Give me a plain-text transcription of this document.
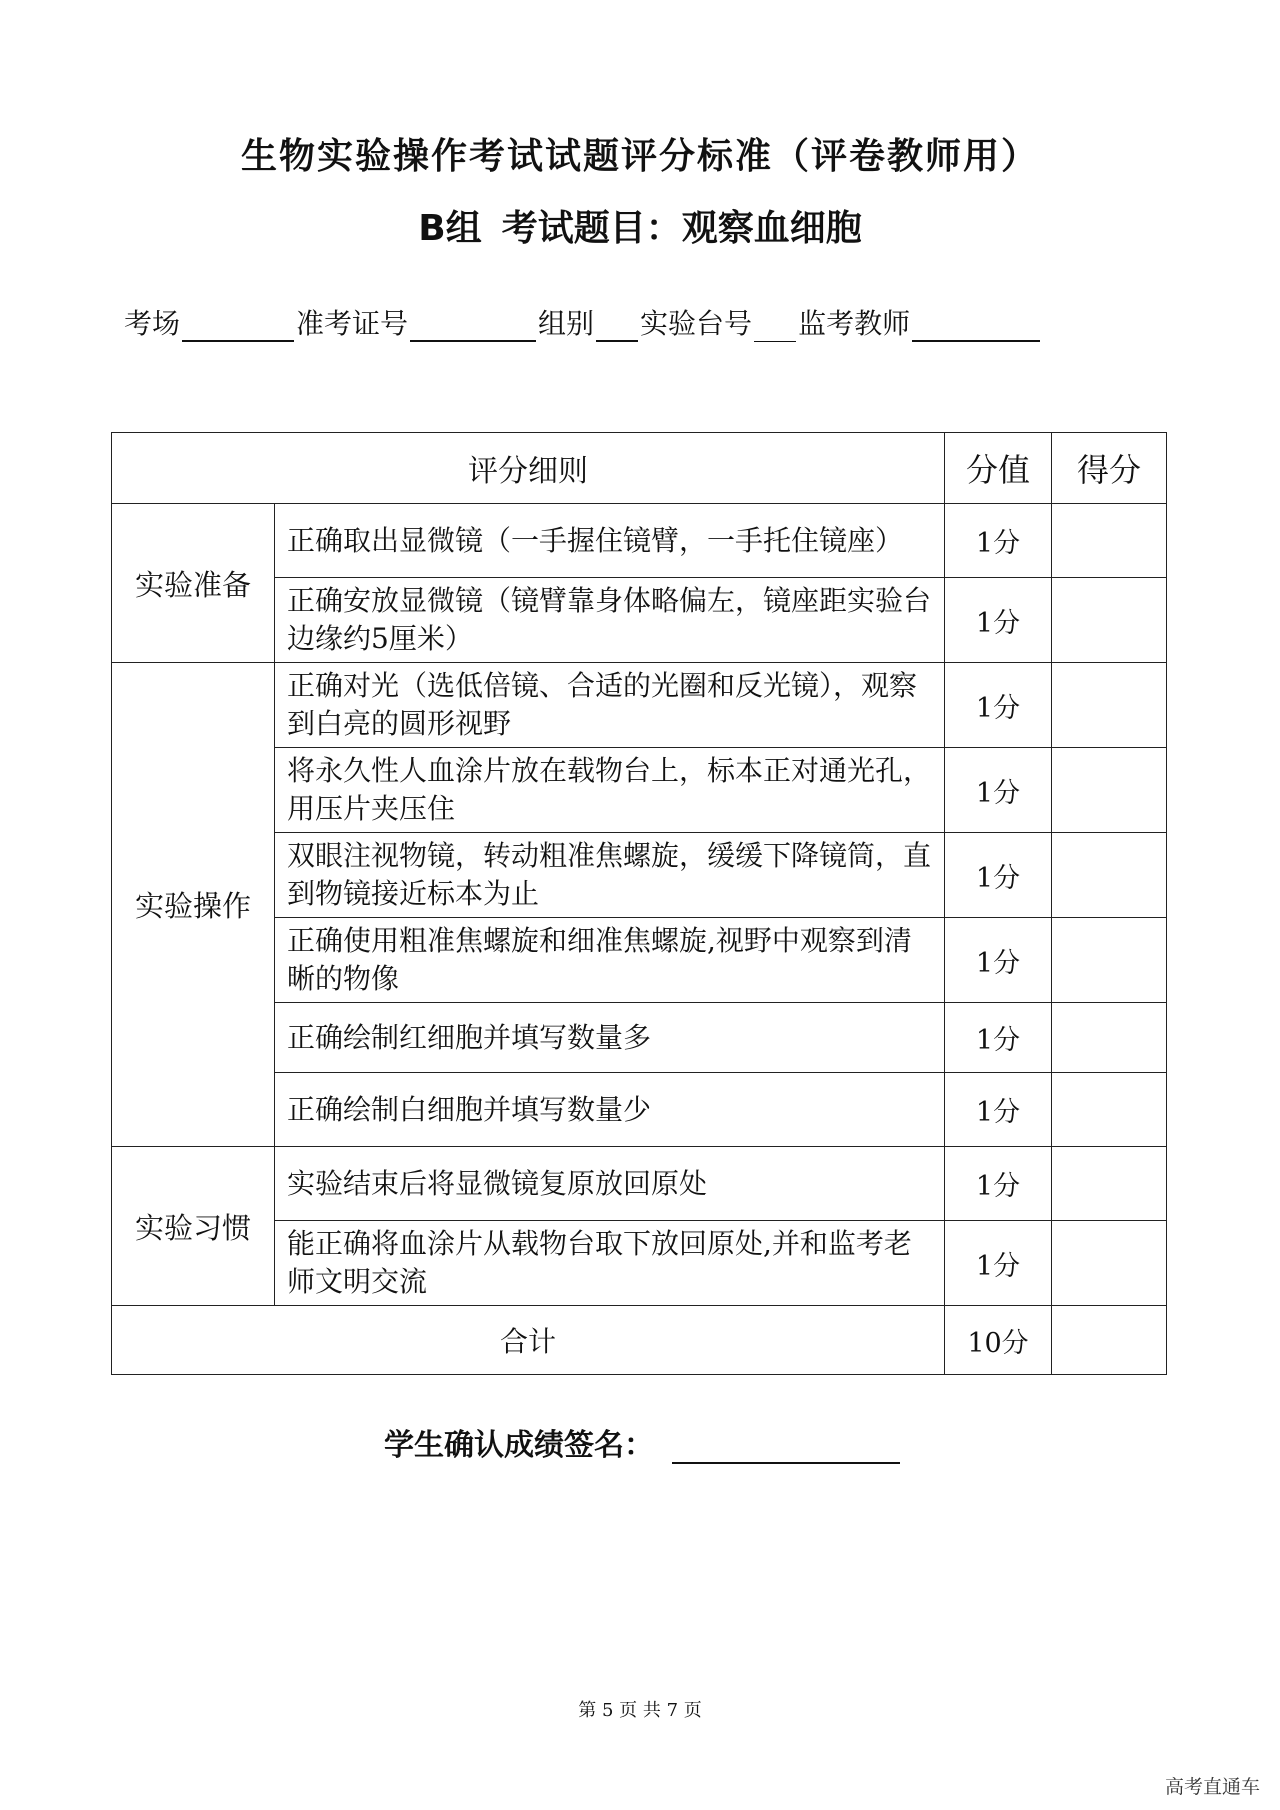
生物实验操作考试试题评分标准（评卷教师用）
B组 考试题目：观察血细胞
考场	准考证号	组别 实验台号 监考教师
评分细则		分值	得分
实验准备	正确取出显微镜（一手握住镜臂，一手托住镜座）	1分	
	正确安放显微镜（镜臂靠身体略偏左，镜座距实验台边缘约5厘米）	1分	
实验操作	正确对光（选低倍镜、合适的光圈和反光镜），观察到白亮的圆形视野	1分	
	将永久性人血涂片放在载物台上，标本正对通光孔，用压片夹压住	1分	
	双眼注视物镜，转动粗准焦螺旋，缓缓下降镜筒，直到物镜接近标本为止	1分	
	正确使用粗准焦螺旋和细准焦螺旋,视野中观察到清晰的物像	1分	
	正确绘制红细胞并填写数量多	1分	
	正确绘制白细胞并填写数量少	1分	
实验习惯	实验结束后将显微镜复原放回原处	1分	
	能正确将血涂片从载物台取下放回原处,并和监考老师文明交流	1分	
合计		10分	
学生确认成绩签名：
第 5 页 共 7 页
高考直通车
